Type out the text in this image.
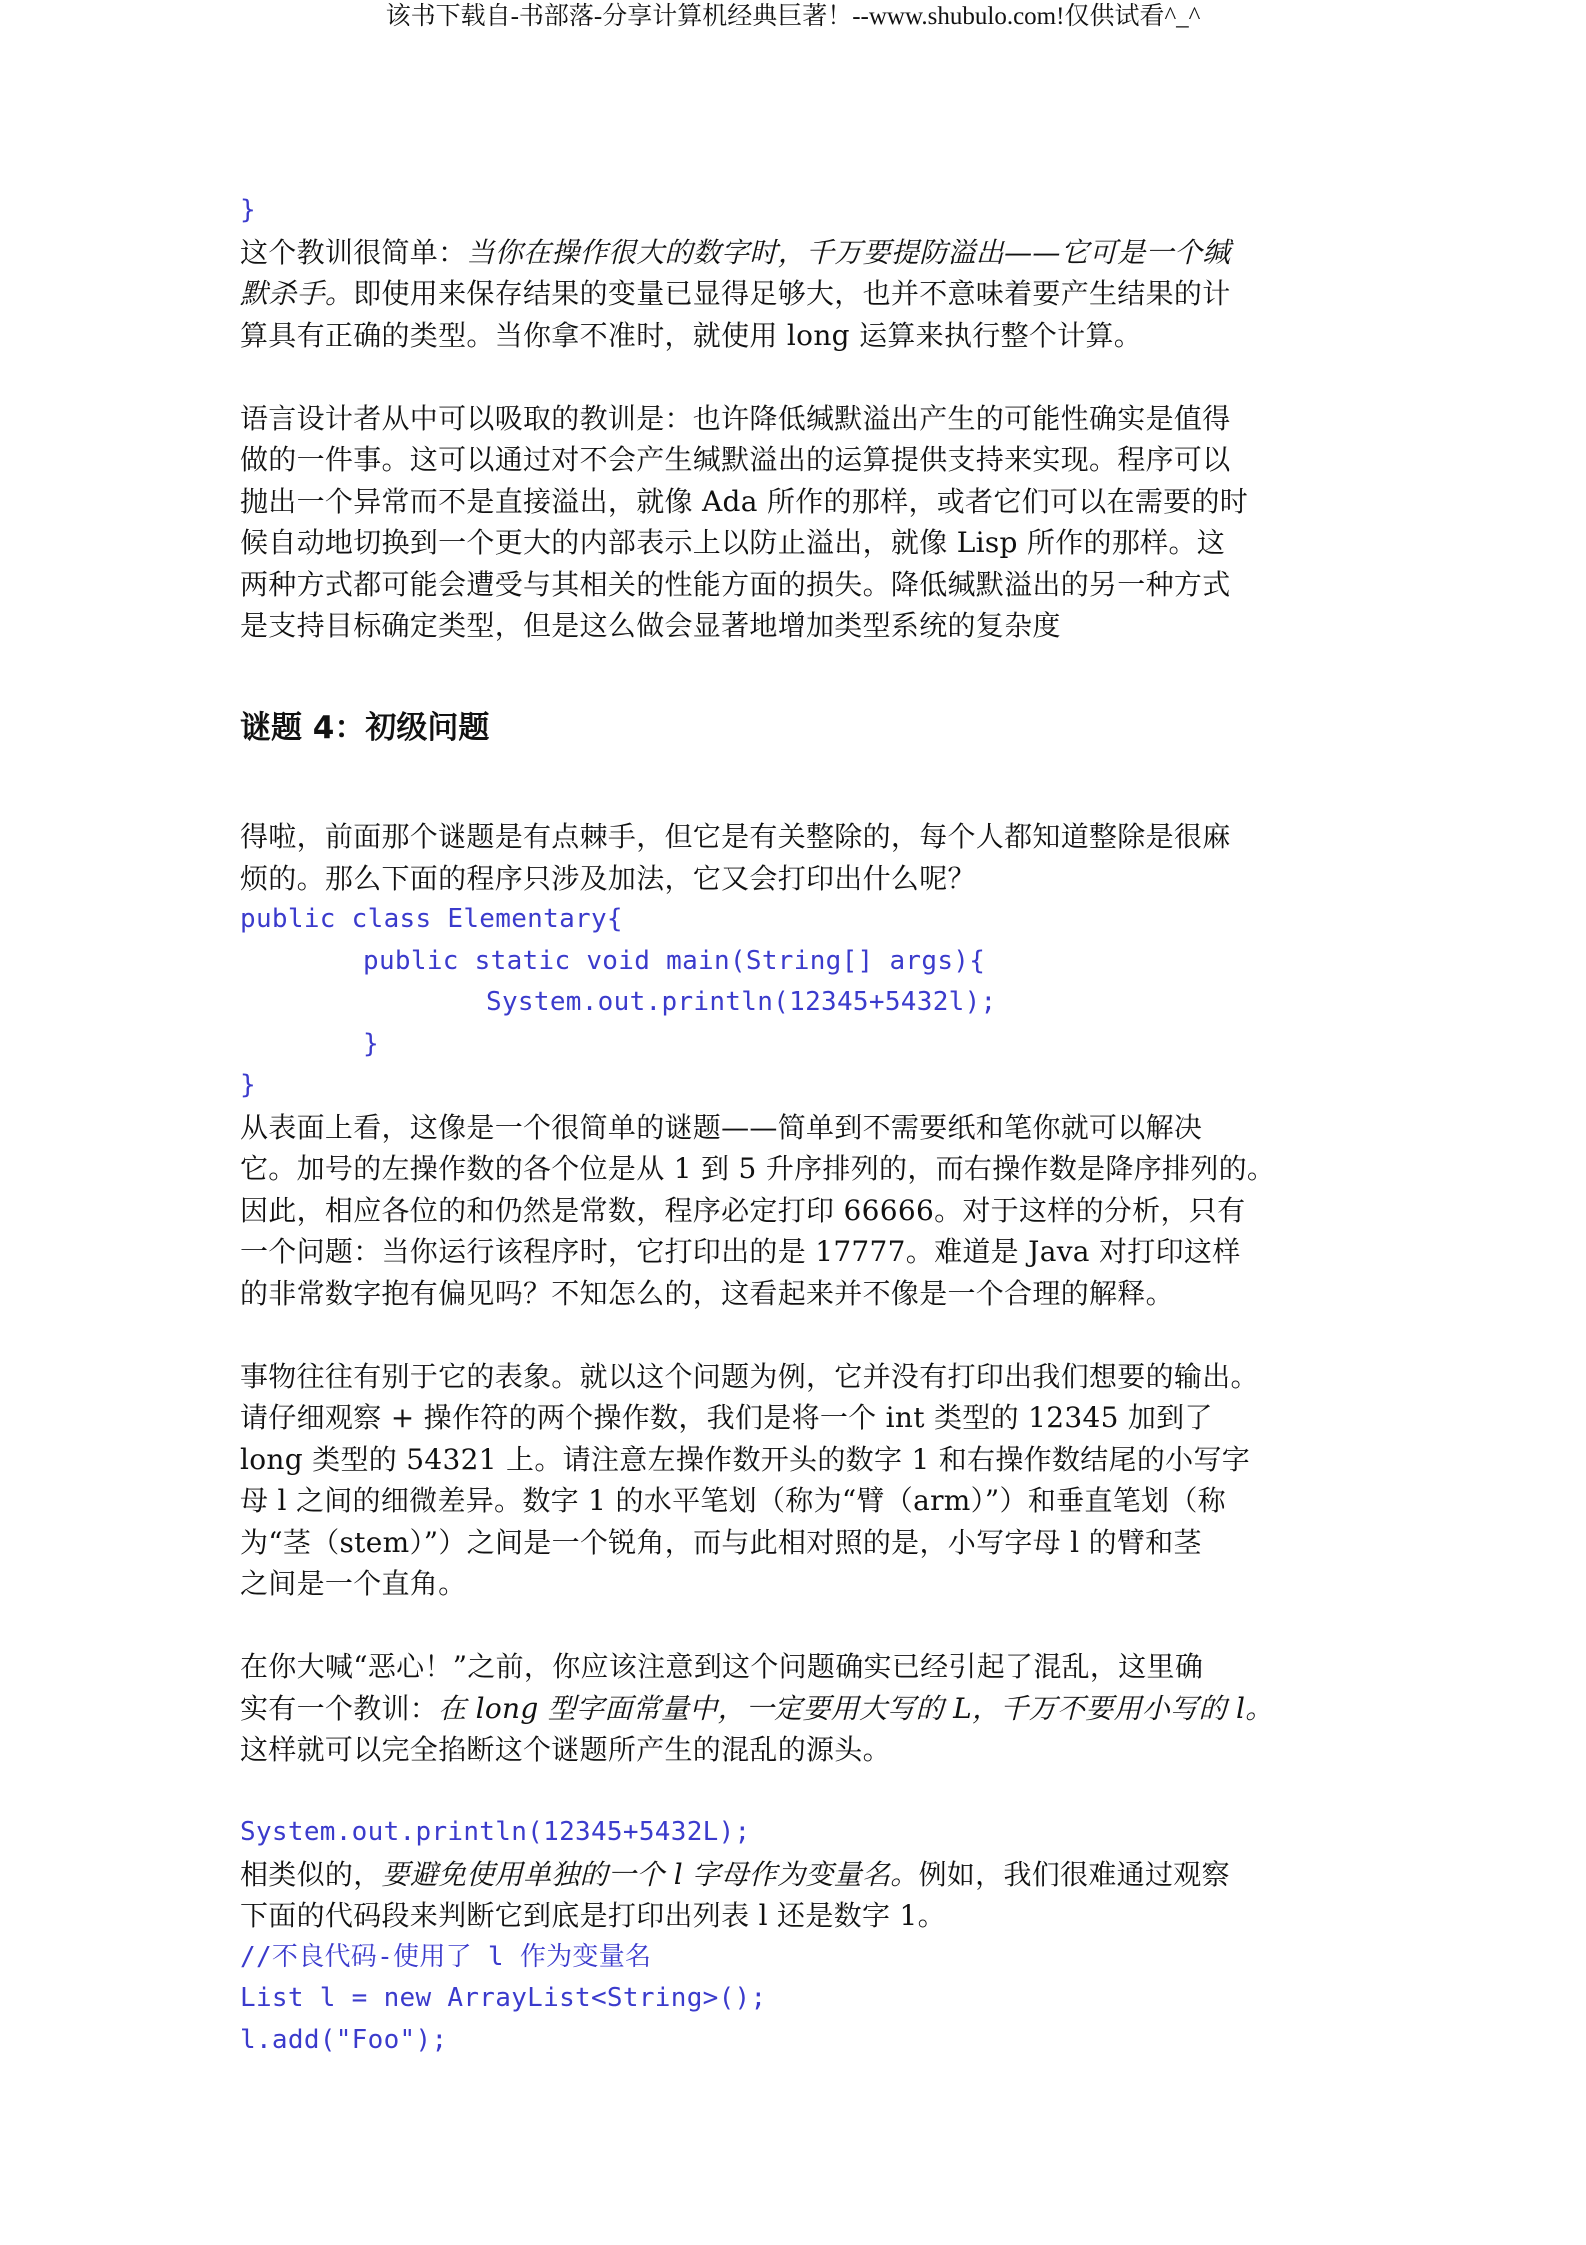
该书下载自-书部落-分享计算机经典巨著！--www.shubulo.com!仅供试看^_^
}
这个教训很简单：当你在操作很大的数字时，千万要提防溢出——它可是一个缄
默杀手。即使用来保存结果的变量已显得足够大，也并不意味着要产生结果的计
算具有正确的类型。当你拿不准时，就使用 long 运算来执行整个计算。
语言设计者从中可以吸取的教训是：也许降低缄默溢出产生的可能性确实是值得
做的一件事。这可以通过对不会产生缄默溢出的运算提供支持来实现。程序可以
抛出一个异常而不是直接溢出，就像 Ada 所作的那样，或者它们可以在需要的时
候自动地切换到一个更大的内部表示上以防止溢出，就像 Lisp 所作的那样。这
两种方式都可能会遭受与其相关的性能方面的损失。降低缄默溢出的另一种方式
是支持目标确定类型，但是这么做会显著地增加类型系统的复杂度
谜题 4：初级问题
得啦，前面那个谜题是有点棘手，但它是有关整除的，每个人都知道整除是很麻
烦的。那么下面的程序只涉及加法，它又会打印出什么呢？
public class Elementary{
public static void main(String[] args){
System.out.println(12345+5432l);
}
}
从表面上看，这像是一个很简单的谜题——简单到不需要纸和笔你就可以解决
它。加号的左操作数的各个位是从 1 到 5 升序排列的，而右操作数是降序排列的。
因此，相应各位的和仍然是常数，程序必定打印 66666。对于这样的分析，只有
一个问题：当你运行该程序时，它打印出的是 17777。难道是 Java 对打印这样
的非常数字抱有偏见吗？不知怎么的，这看起来并不像是一个合理的解释。
事物往往有别于它的表象。就以这个问题为例，它并没有打印出我们想要的输出。
请仔细观察 + 操作符的两个操作数，我们是将一个 int 类型的 12345 加到了
long 类型的 54321 上。请注意左操作数开头的数字 1 和右操作数结尾的小写字
母 l 之间的细微差异。数字 1 的水平笔划（称为“臂（arm）”）和垂直笔划（称
为“茎（stem）”）之间是一个锐角，而与此相对照的是，小写字母 l 的臂和茎
之间是一个直角。
在你大喊“恶心！”之前，你应该注意到这个问题确实已经引起了混乱，这里确
实有一个教训：在 long 型字面常量中，一定要用大写的 L，千万不要用小写的 l。
这样就可以完全掐断这个谜题所产生的混乱的源头。
System.out.println(12345+5432L);
相类似的，要避免使用单独的一个 l 字母作为变量名。例如，我们很难通过观察
下面的代码段来判断它到底是打印出列表 l 还是数字 1。
//不良代码-使用了 l 作为变量名
List l = new ArrayList<String>();
l.add("Foo");
